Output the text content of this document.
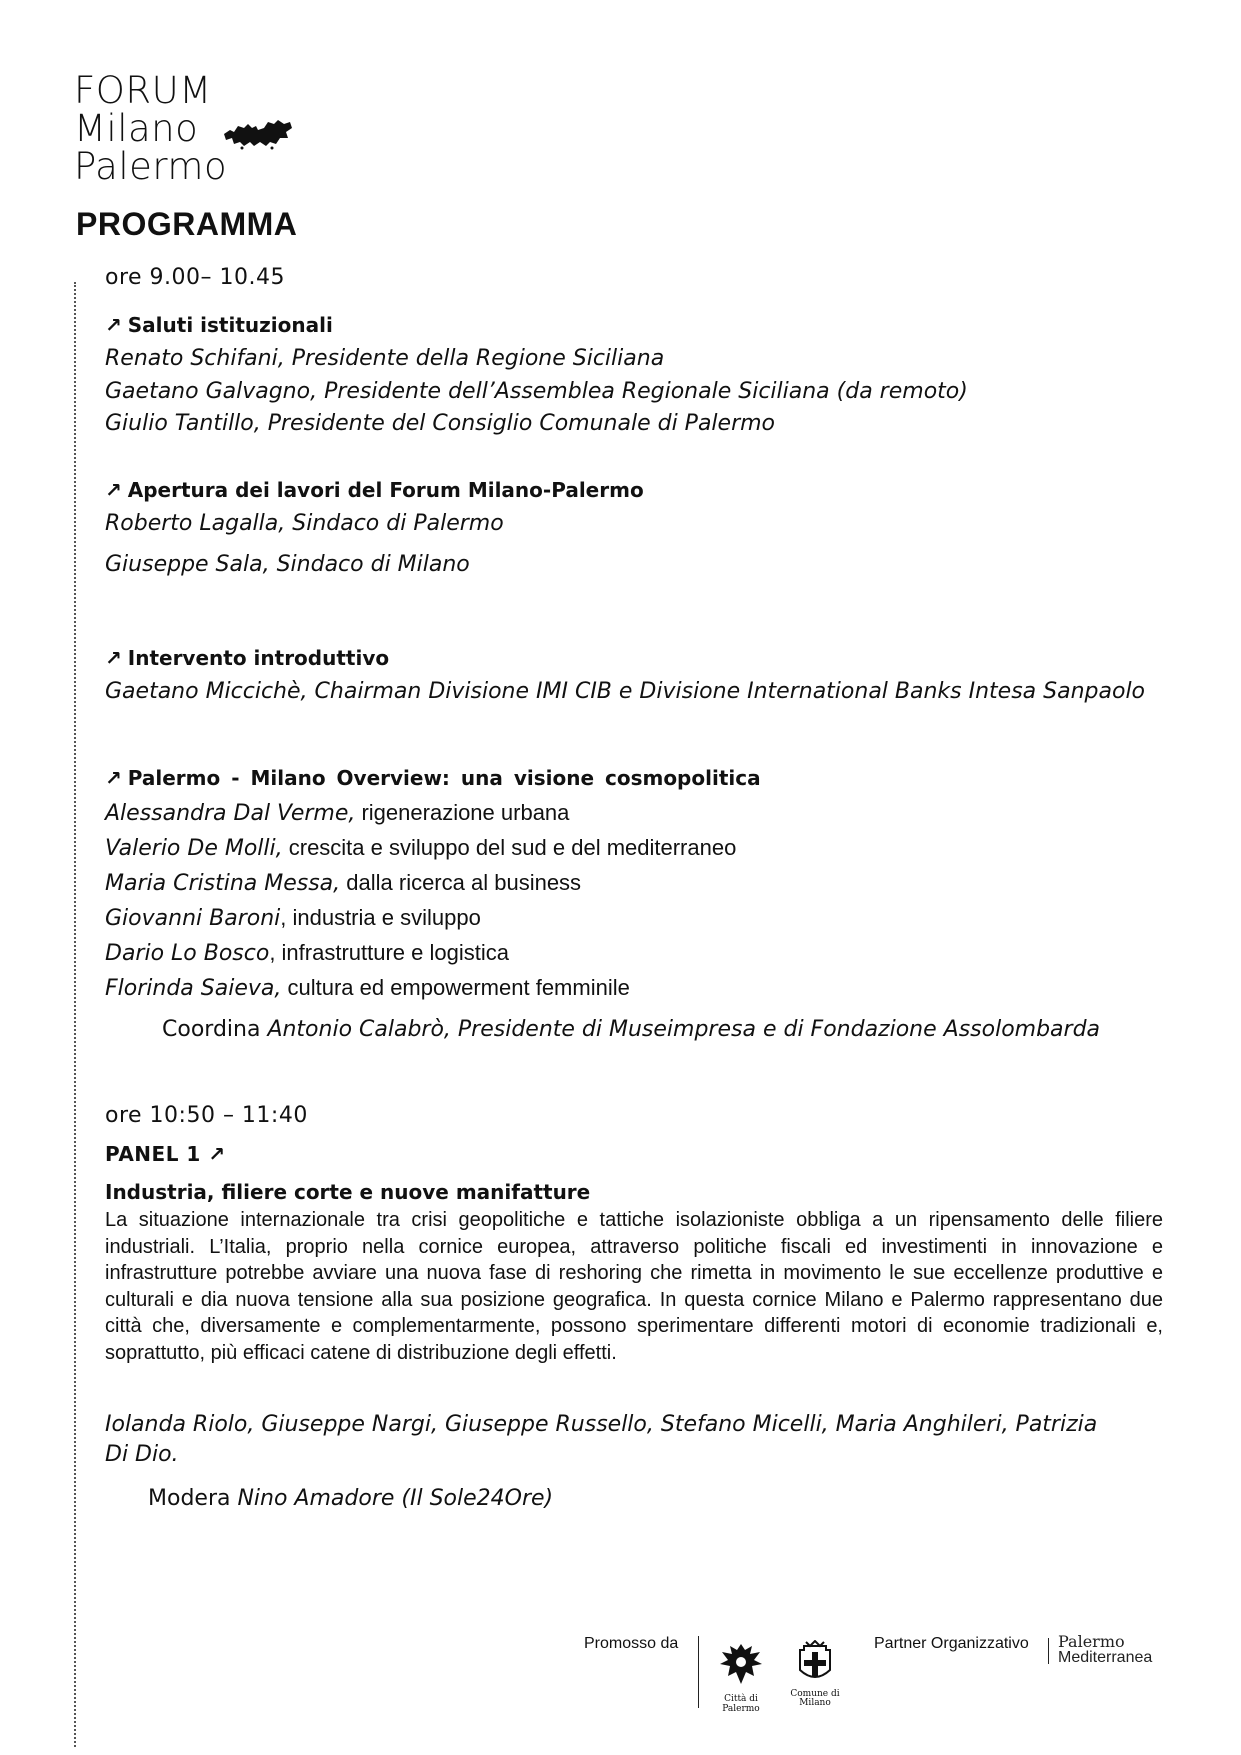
FORUM
Milano
Palermo
PROGRAMMA
ore 9.00– 10.45
↗ Saluti istituzionali
Renato Schifani, Presidente della Regione Siciliana
Gaetano Galvagno, Presidente dell’Assemblea Regionale Siciliana (da remoto)
Giulio Tantillo, Presidente del Consiglio Comunale di Palermo
↗ Apertura dei lavori del Forum Milano-Palermo
Roberto Lagalla, Sindaco di Palermo
Giuseppe Sala, Sindaco di Milano
↗ Intervento introduttivo
Gaetano Miccichè, Chairman Divisione IMI CIB e Divisione International Banks Intesa Sanpaolo
↗ Palermo - Milano Overview: una visione cosmopolitica
Alessandra Dal Verme, rigenerazione urbana
Valerio De Molli, crescita e sviluppo del sud e del mediterraneo
Maria Cristina Messa, dalla ricerca al business
Giovanni Baroni, industria e sviluppo
Dario Lo Bosco, infrastrutture e logistica
Florinda Saieva, cultura ed empowerment femminile
Coordina Antonio Calabrò, Presidente di Museimpresa e di Fondazione Assolombarda
ore 10:50 – 11:40
PANEL 1 ↗
Industria, filiere corte e nuove manifatture
La situazione internazionale tra crisi geopolitiche e tattiche isolazioniste obbliga a un ripensamento delle filiere industriali. L’Italia, proprio nella cornice europea, attraverso politiche fiscali ed investimenti in innovazione e infrastrutture potrebbe avviare una nuova fase di reshoring che rimetta in movimento le sue eccellenze produttive e culturali e dia nuova tensione alla sua posizione geografica. In questa cornice Milano e Palermo rappresentano due città che, diversamente e complementarmente, possono sperimentare differenti motori di economie tradizionali e, soprattutto, più efficaci catene di distribuzione degli effetti.
Iolanda Riolo, Giuseppe Nargi, Giuseppe Russello, Stefano Micelli, Maria Anghileri, Patrizia
Di Dio.
Modera Nino Amadore (Il Sole24Ore)
Promosso da
Città di Palermo
Comune di
Milano
Partner Organizzativo Palermo
Mediterranea
